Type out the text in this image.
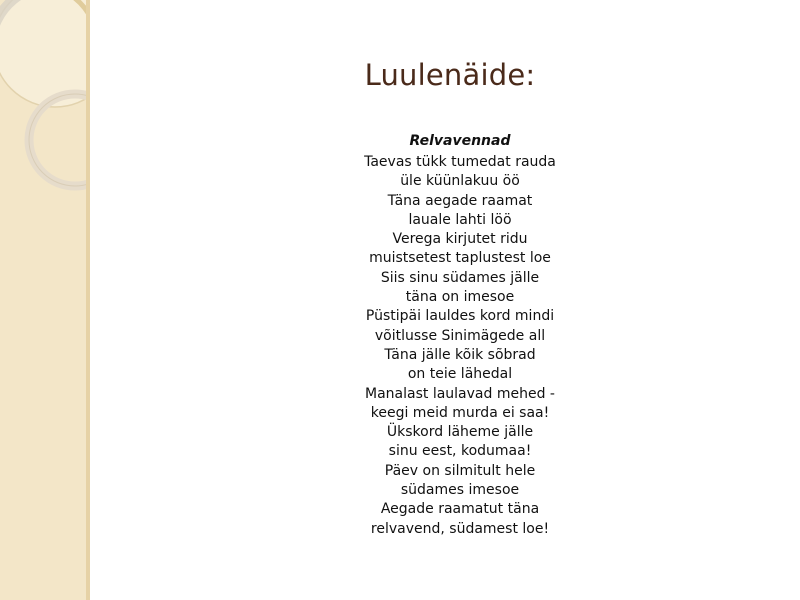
Luulenäide:
Relvavennad
Taevas tükk tumedat rauda
üle küünlakuu öö
Täna aegade raamat
lauale lahti löö
Verega kirjutet ridu
muistsetest taplustest loe
Siis sinu südames jälle
täna on imesoe
Püstipäi lauldes kord mindi
võitlusse Sinimägede all
Täna jälle kõik sõbrad
on teie lähedal
Manalast laulavad mehed -
keegi meid murda ei saa!
Ükskord läheme jälle
sinu eest, kodumaa!
Päev on silmitult hele
südames imesoe
Aegade raamatut täna
relvavend, südamest loe!
